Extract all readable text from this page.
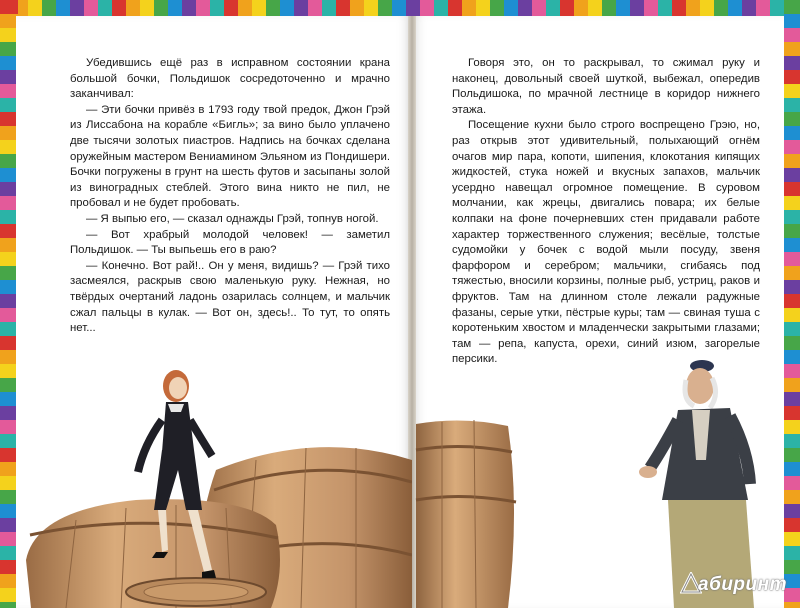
Убедившись ещё раз в исправном состоянии крана большой бочки, Польдишок сосредоточенно и мрачно заканчивал:

— Эти бочки привёз в 1793 году твой предок, Джон Грэй из Лиссабона на корабле «Бигль»; за вино было уплачено две тысячи золотых пиастров. Надпись на бочках сделана оружейным мастером Вениамином Эльяном из Пондишери. Бочки погружены в грунт на шесть футов и засыпаны золой из виноградных стеблей. Этого вина никто не пил, не пробовал и не будет пробовать.

— Я выпью его, — сказал однажды Грэй, топнув ногой.

— Вот храбрый молодой человек! — заметил Польдишок. — Ты выпьешь его в раю?

— Конечно. Вот рай!.. Он у меня, видишь? — Грэй тихо засмеялся, раскрыв свою маленькую руку. Нежная, но твёрдых очертаний ладонь озарилась солнцем, и мальчик сжал пальцы в кулак. — Вот он, здесь!.. То тут, то опять нет...

Говоря это, он то раскрывал, то сжимал руку и наконец, довольный своей шуткой, выбежал, опередив Польдишока, по мрачной лестнице в коридор нижнего этажа.

Посещение кухни было строго воспрещено Грэю, но, раз открыв этот удивительный, полыхающий огнём очагов мир пара, копоти, шипения, клокотания кипящих жидкостей, стука ножей и вкусных запахов, мальчик усердно навещал огромное помещение. В суровом молчании, как жрецы, двигались повара; их белые колпаки на фоне почерневших стен придавали работе характер торжественного служения; весёлые, толстые судомойки у бочек с водой мыли посуду, звеня фарфором и серебром; мальчики, сгибаясь под тяжестью, вносили корзины, полные рыб, устриц, раков и фруктов. Там на длинном столе лежали радужные фазаны, серые утки, пёстрые куры; там — свиная туша с коротеньким хвостом и младенчески закрытыми глазами; там — репа, капуста, орехи, синий изюм, загорелые персики.

абиринт
